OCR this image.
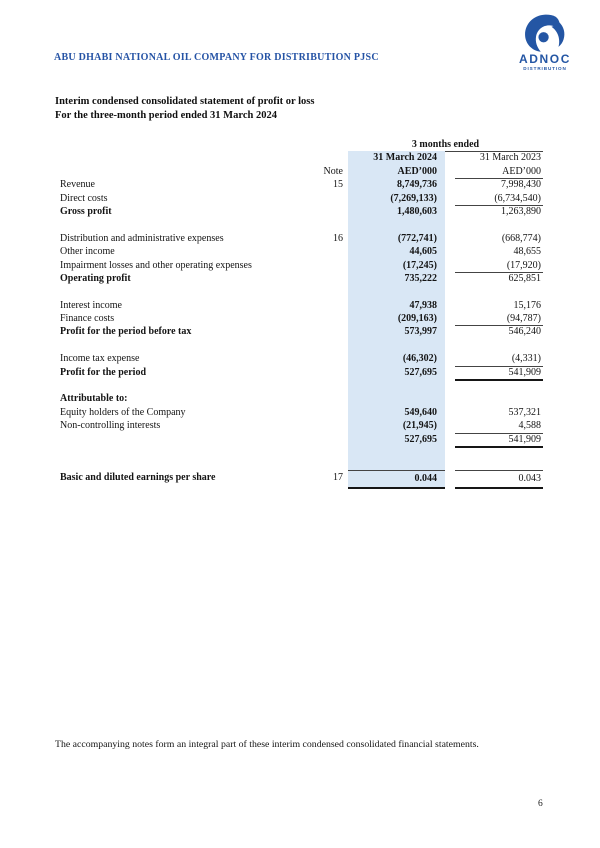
ABU DHABI NATIONAL OIL COMPANY FOR DISTRIBUTION PJSC	ADNOC
DISTRIBUTION
Interim condensed consolidated statement of profit or loss
For the three-month period ended 31 March 2024
3 months ended
31 March 2024	31 March 2023
Note	AED’000	AED’000
Revenue	15	8,749,736	7,998,430
Direct costs	(7,269,133)	(6,734,540)
Gross profit	1,480,603	1,263,890
Distribution and administrative expenses	16	(772,741)	(668,774)
Other income	44,605	48,655
Impairment losses and other operating expenses	(17,245)	(17,920)
Operating profit	735,222	625,851
Interest income	47,938	15,176
Finance costs	(209,163)	(94,787)
Profit for the period before tax	573,997	546,240
Income tax expense	(46,302)	(4,331)
Profit for the period	527,695	541,909
Attributable to:
Equity holders of the Company	549,640	537,321
Non-controlling interests	(21,945)	4,588
527,695	541,909
Basic and diluted earnings per share	17	0.044	0.043
The accompanying notes form an integral part of these interim condensed consolidated financial statements.
6
